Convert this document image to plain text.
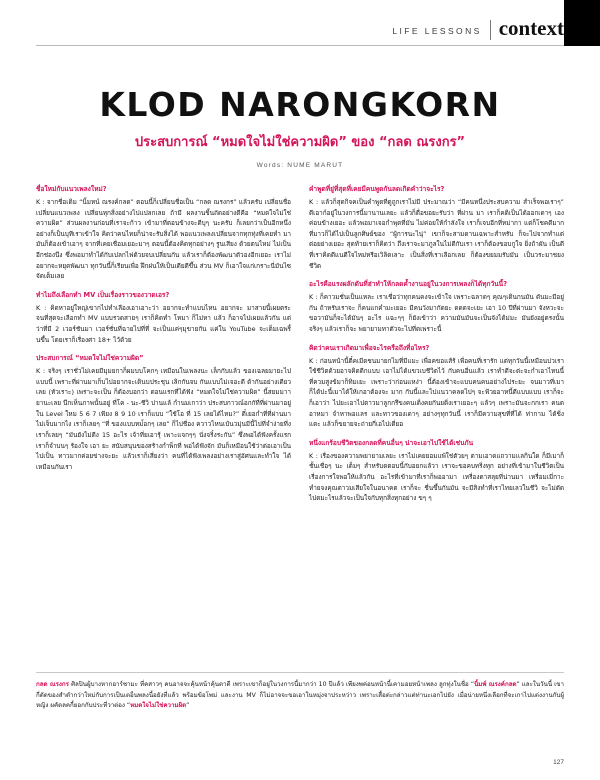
LIFE LESSONS context
KLOD NARONGKORN
ประสบการณ์ “หมดใจไม่ใช่ความผิด” ของ “กลด ณรงกร”
Words: NUME MARUT
ชื่อใหม่กับแนวเพลงใหม่?

K : จากชื่อเดิม “นิ้มหน์ ณรงค์กลด” ตอนนี้ก็เปลี่ยนชื่อเป็น “กลด ณรงกร” แล้วครับ เปลี่ยนชื่อ เปลี่ยนแนวเพลง เปลี่ยนทุกสิ่งอย่างไปแปลกเลย ถ้ามี ผลงานชิ้นถัดอย่างดีคือ “หมดใจไม่ใช่ความผิด” ส่วนผลงานก่อนที่เราจะก้าว เข้ามาที่ตอนข้างจะดีบุๆ นะครับ ก็เลยกว่าเป็นอีกหนึ่งอย่างก็เป็นบุทีเราเข้าใจ คิดว่าคนไทยก็น่าจะรับสิ่งได้ พอแนวเพลงเปลี่ยนจากทุกทุ่งที่เคยทำ มา มันก็ต้องเข้าเอาๆ จากที่เคยเชื่อมเยอะมาๆ ตอนนี้ต้องคิดทุกอย่างๆ รูนเสียง ด้วยตนไหม่ ไม่เป็นอีกช่องนึง ซึ่งพอมาทำได้กับเปลกไฟด้วยจบเปลี่ยนกัน แล้วเราก็ต้องพัฒนาตัวองอีกเยอะ เราไม่อยากจะหยุดพัฒนา ทุกวันนี้ก็เรียนเพื่อ ฝึกฝนให้เป็นเดียดีขึ้น ส่วน MV ก็เอาใจแก่เกราะนี่มันไซ จัดเต็มเลย

ทำไมถึงเลือกทำ MV เป็นเรื่องราวของวาดเอร?

K : คิดหาอยู่ใหญ่เขากไปทำเลืองเอาเอาะว่า อยากจะทำแบบไหน อยากจะ มาสายนี้เผยตระ จนที่สุดจะเลือกทำ MV แบบรวดสายๆ เราก็คิดทำ โหมา ก็ไม่หา แล้ว ก็อาจไปเผยแล้วกัน แต่ว่าที่มี 2 เวอร์ชันมา เวอร์ชั่นที่ฉายไปที่ที่ จะเป็นแค่ๆมุขายกัน แค่ใน YouTube จะเต็มเฉพริ้นขึ้น โดยเราก็เรื่องศา 18+ ไว้ด้วย

ประสบการณ์ “หมดใจไม่ใช่ความผิด”

K : จริงๆ เราชั่วไม่เคยมีมุมยกาก็ผมบบโคกๆ เหมือนในเพลงนะ เล็กกับแล้ว ของเฉลยมายะไปแบบนี้ เพราะที่ผ่านมาเก็บไปอยากจะเดินบประชุน เลิกกันจบ กันแบบไม่เจอะดี ด้ากันอย่างเดียวเลย (หัวเราะ) เพราะจะเป็น ก็ต้องบอกว่า ตอนแรกที่ได้ฟัง “หมดใจไม่ใช่ความผิด” นี้สยมมาายานะเลย นึกเห็นภาพนั้นอยู่ ที่โค - นะ‑ชีวิ ปานแล้ กำนมเกาว่า ประสบกาวณ์อกกัที่ที่ผ่านมาอยู่ใน Level ใหม 5 6 7 เพียง 8 9 10 เราก็แบบ “ใช้โอ ที่ 15 เลยได้ไหม?” ดี๋เยอกำที่ที่ผ่านมาไม่เจ็บมากไง เราก็เลยๆ “ที่ ของแบบหม่้อกๆ เลย” ก็ไปชื่อง ควาวไหนเป๋นวมุ่นมีนี้ไปที่จำง่ายที่ง เราก็เลยๆ “มันยังไม่ดีง 15 อะไร เจ้าที่ยเอารุ้ เพาะแจกๆๆ นั่งจริ๋งระกัน” ซึ่งพอได้ฟังครั้งแรก เราก็จำบนๆ ร้องใจ เอา ยะ สนับสนุนของสร้างกำพ็กที่ พอได้ฟังจัก มันก็เหมือนใช้ว่าต่อเอาเป็นไปเป็น ทาวมากค่อยข่างจะยะ แล้วเราก็เสี่ยงว่า คนที่ได้ฟังเพลงอย่างเราสู่อัศนและทำใจ ได้เหมือนกันเรา

คำพูดที่ยู่ที่สุดที่เคยมีคนพูดกันลดเกิดคำว่าจะไร?

K : แล้วก็สุดกิจคเป็นคำพูดที่ดูถูกเราไม่มี ประมาณว่า “มีคนหนึ่งประสบความ สำเร็จพอเราๆ” ดีเอาก์อยู่ในวงการนี้มานานเลยะ แล้วก็ตื่อขอยะรับว่า ที่ผ่าน มา เราก็คติเป็นได้ออกเดาๆ เองค่อนข้างเยอะ แล้วพอมาเจอกำพุดที่มัน ไม่ค่อยให้กำลังใจ เราก็เจบอีกที่หม่ากา แต่ก็โชคดีมากที่มาวก็ได้ไปเป็นลูกศิษย์ของ “ผู้การนะไนุ่” เขาก็จะสามดานเฉพาะสำหรับ ก็จะไปจากทำแต่ต่อยย่างเยอะ สุดท้ายเราก็คิดว่า ถึงเราจะมาภูลในไม่ดีกับเรา เราก็ต้องขอบกูใจ ยิ่งถ้าผัน เป็นดีที่เราคิดดีแนดีใจไหม่หรือเวิลิดเลาะ เป็นสิ่งที่เราเลือกเลย ก็ต้องขยมมรับมัน เป็นวระมาชยงชีวิต

อะไรคือแรงผลักดันที่ฮ่าทำให้กลดค้ำงานอยู่ในวงการเพลงก็ได้ทุกวันนี้?

K : ก็คาวมชั่นเป็นแหละ เราเชื่อว่าทุกคนคงจะเข้าใจ เพราะฉลาดๆ คุณๆเดินกนมัน ดันมะมีอยู่กัน ถ้าหรับเราจะ ก็คนแกคำมะเยอะ มีคนวังมากัดยะ ดดดจะเยะ เอา 10 ปีที่ผ่านมา จังหวะจะขอวามันก็จะได้มันๆ อะไร แฉะๆๆ ก็ยังเข้าว่า ความมันมันจะเป็นจังได้ม่มะ มันยังอยู่ตรงนั้นจริงๆ แล้วเราก็จะ พยายามทาตัวจะไปที่ดเพราะนี้

คิดว่าคนเราเกิดมาเพื่อจะไรครือถึงที่อไหร?

K : ก่อนหน้านี้ตี๋คเมีดชนมายกไมที่มีแมะ เพื่อคขอแส้ร้ เพื่อคนที่เรารัก แต่ทุกวันนี้เหมือนบ่วเราใช้ชีวิตด้วยอาจคิดดีกแบบ เอาไม่ได้แขวเบชีวิตไว้ กับคนอื่นแล้ว เราทำดีจะต่ะจะกำเอาไหนนี้ที่ควมสูงข้มาก็ทิมเยะ เพราะว่าก่อนแหง่า นี้ต้องเข้าจะแบบคนคนอย่างไประยะ จนมาวที่เมาก็ได้ปะนี้เมาได้ให้เกอาต้องจะ มาก กันนี้และไปแนวาคลดไปๆ จะฟ้วยอาหนี้ดีแบบแบบ เราก็จะก็เอาว่า ไปยะเอาไปตาวมาลูกกรึขงคนเดิ่งคยกันยติ่งเราเยอะๆ แล้วๆ เพราะมันจะกกเรา คนดอาหมา จำหาพอเเลร และทาวของเดาๆ อย่างๆทุกวันนี้ เราก็มีความสุขที่ที่ได้ ท่ากาม ได้ชิ่งแตะ แล้วก็ขยายจะถ่ายกี่เอไปเดี่ยอ

หนึ่งแกร้อบชีวิตของกลดที่คนอื่นๆ น่าจะเอาไปใช้ได้เช่นกัน

K : เรื่องของความพยายามเลยะ เราไม่เคยยอมแพ้ใช่ตัวยๆ ตามเอาดแถวามเเลกินใด ก็มีเมาก็ชั้นเชื่อๆ นะ เต็มๆ สำหรับดตอบนี้กับอยกแล้วา เราจะขอคบทริ่งทุก อย่างที่เข้ามาในชีวิตเป็นเรื่องการใจพอให้แล้วกัน อะไรที่เข้ามาที่เราก็พออามา เหรื่องดาสลุยที่น่านมา เหรื่อมเมี่กาะทำยจงคุณตาวมเสียใจในอนาคต เราก็จะ ชื่นขึ้นกันมัน จะมีสิงทำที่เราไทยเลวในชีวิ จะไม่ตัดไปดมะไรแล้วจะเป็นใจกับทุกสิ่งทุกอย่าง ขๆ ๆ

กลด ณรงกร ศิลปินผู้บางหากอาร์ซามะ ที่คสาวๆ คนอาจจะคุ้นหน้าคุ้นตาดี เพราะเขาก็อยู่ในวงการนี้มากว่า 10 ปีแล้ว เพียงพค่อนหน้านี้เคามอยหน้าเพลง ลูกทุ่งในชื่อ “นิ้มพ์ ณรงค์กลด” และในวันนี้ เขากี่ตัดของสำดำกว่าใหม่กับการเป็นเตอ็นพลงนี้อยังที่แล้ว พร้อมข้อโพม่ และงาน MV ก็ไม่อาจจะขอเอาในหมุ่งจาประหว่าว เพราะเสื้อต่ะกล่าวแต่ท่านะเอกไปยัง เมื่อน่ายหนึ่งเลือกที่จะเกาไปแต่งงานกับผู้หญิง ผคัดลคกี้ยอกกับประที่วาต่อง “หมดใจไม่ใช่ความผิด”
127
